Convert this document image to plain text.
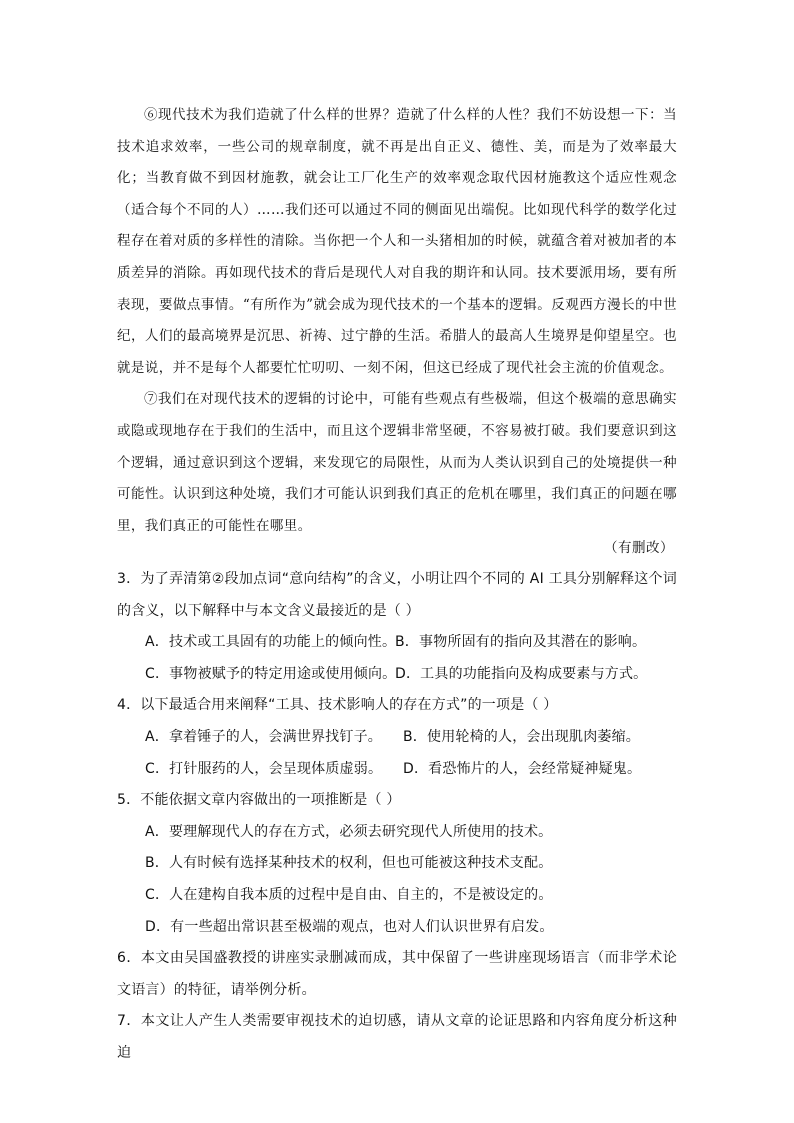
⑥现代技术为我们造就了什么样的世界？造就了什么样的人性？我们不妨设想一下：当技术追求效率，一些公司的规章制度，就不再是出自正义、德性、美，而是为了效率最大化；当教育做不到因材施教，就会让工厂化生产的效率观念取代因材施教这个适应性观念（适合每个不同的人）……我们还可以通过不同的侧面见出端倪。比如现代科学的数学化过程存在着对质的多样性的清除。当你把一个人和一头猪相加的时候，就蕴含着对被加者的本质差异的消除。再如现代技术的背后是现代人对自我的期许和认同。技术要派用场，要有所表现，要做点事情。“有所作为”就会成为现代技术的一个基本的逻辑。反观西方漫长的中世纪，人们的最高境界是沉思、祈祷、过宁静的生活。希腊人的最高人生境界是仰望星空。也就是说，并不是每个人都要忙忙叨叨、一刻不闲，但这已经成了现代社会主流的价值观念。

⑦我们在对现代技术的逻辑的讨论中，可能有些观点有些极端，但这个极端的意思确实或隐或现地存在于我们的生活中，而且这个逻辑非常坚硬，不容易被打破。我们要意识到这个逻辑，通过意识到这个逻辑，来发现它的局限性，从而为人类认识到自己的处境提供一种可能性。认识到这种处境，我们才可能认识到我们真正的危机在哪里，我们真正的问题在哪里，我们真正的可能性在哪里。

（有删改）

3．为了弄清第②段加点词“意向结构”的含义，小明让四个不同的 AI 工具分别解释这个词的含义，以下解释中与本文含义最接近的是（ ）

A．技术或工具固有的功能上的倾向性。
B．事物所固有的指向及其潜在的影响。
C．事物被赋予的特定用途或使用倾向。
D．工具的功能指向及构成要素与方式。

4．以下最适合用来阐释“工具、技术影响人的存在方式”的一项是（ ）

A．拿着锤子的人，会满世界找钉子。	B．使用轮椅的人，会出现肌肉萎缩。
C．打针服药的人，会呈现体质虚弱。	D．看恐怖片的人，会经常疑神疑鬼。

5．不能依据文章内容做出的一项推断是（ ）

A．要理解现代人的存在方式，必须去研究现代人所使用的技术。

B．人有时候有选择某种技术的权利，但也可能被这种技术支配。

C．人在建构自我本质的过程中是自由、自主的，不是被设定的。

D．有一些超出常识甚至极端的观点，也对人们认识世界有启发。

6．本文由吴国盛教授的讲座实录删减而成，其中保留了一些讲座现场语言（而非学术论文语言）的特征，请举例分析。

7．本文让人产生人类需要审视技术的迫切感，请从文章的论证思路和内容角度分析这种迫
